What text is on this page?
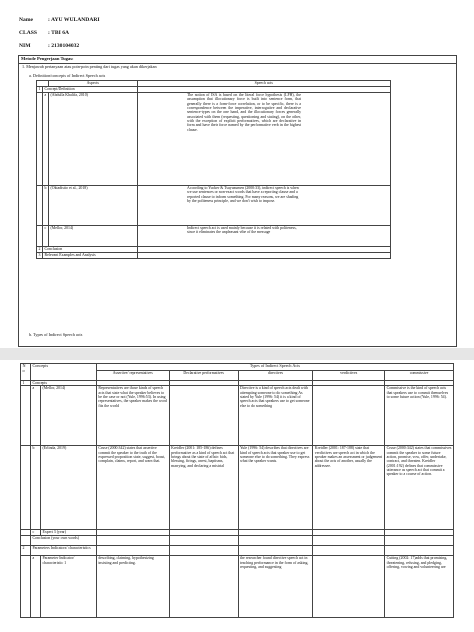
Name	: AYU WULANDARI
CLASS : TBI 6A
NIM	: 2130104032
Metode Pengerjaan Tugas:
1. Menjawab pertanyaan atau poin-poin penting dari tugas yang akan dikerjakan
a. Definition/concepts of Indirect Speech acts
		Aspects	Speech acts
1	Concept/Definition		
	a	(Abdulla Khalifa, 2010)	The notion of ISA is based on the literal force hypothesis (LFH), the assumption that illocutionary force is built into sentence form, that generally there is a form-force correlation, or to be specific, there is a correspondence between the imperative, interrogative and declarative sentence-types on the one hand, and the illocutionary forces generally associated with them (requesting, questioning and stating), on the other, with the exception of explicit performatives, which are declarative in form and have their force named by the performative verb in the highest clause.

	b	(Oktadistio et al., 2018)	According to Yucker & Tsuyuzumen (2000:33), indirect speech is when we use sentences or non-exact words that have a reporting clause and a reported clause to inform something. For many reasons, we are shading by the politeness principle, and we don't wish to impose.

	c	(Mellor, 2014)	Indirect speech act is used mainly because it is related with politeness, since it eliminates the unpleasant vibe of the message

2	Conclusion		
3	Relevant Examples and Analysis		
b. Types of Indirect Speech acts
N o	Concepts		Types of Indirect Speech Acts				
			Assertive/ representatives	Declarative performatives	directives	verdictives	commissive
1	Concepts						
	a	(Mellor, 2014)	Representatives are those kinds of speech acts that state what the speaker believes to be the case or not (Yule, 1996:53). In using representatives, the speaker makes the word fits the world		Directive is a kind of speech acts dealt with attempting someone to do something As stated by Yule (1996: 54) it is a kind of speech acts that speakers use to get someone else to do something		Commissive is the kind of speech acts that speakers use to commit themselves to some future action (Yule, 1996: 54).
	b	(Erlinda, 2019)	Cruse (2000:342) states that assertive commit the speaker to the truth of the expressed proposition state, suggest, boast, complain, claims, report, and warn that.	Kreidler (2001: 185-186) defines performative as a kind of speech act that brings about the state of affair: bids, blessing, firings, arrest, baptisms, marrying, and declaring a mistrial	Yule (1996: 54) describes that directives are kind of speech acts that speaker use to get someone else to do something. They express what the speaker wants.	Kreidler (2001: 187-188) state that verdictives are speech act in which the speaker makes an assessment or judgement about the acts of another, usually the addressee.	Cruse (2000:342) states that commissives commit the speaker to some future action, promise, vow, offer, undertake, contract, and threaten. Kreidler (2001:192) defines that commissive utterance as speech act that commit a speaker to a course of action.
	c	Expert 3 (year)					
	Conclusion (your own words)						
2	Parameters Indicators/ characteristics						
	a	Parameter Indicator/ characteristic 1	describing, claiming, hypothesizing insisting and predicting.		the researcher found directive speech act in teaching performance in the form of asking, requesting, and suggesting		Cutting (2002: 17)adds that promising, threatening, refusing, and pledging, offering, vowing and volunteering are
